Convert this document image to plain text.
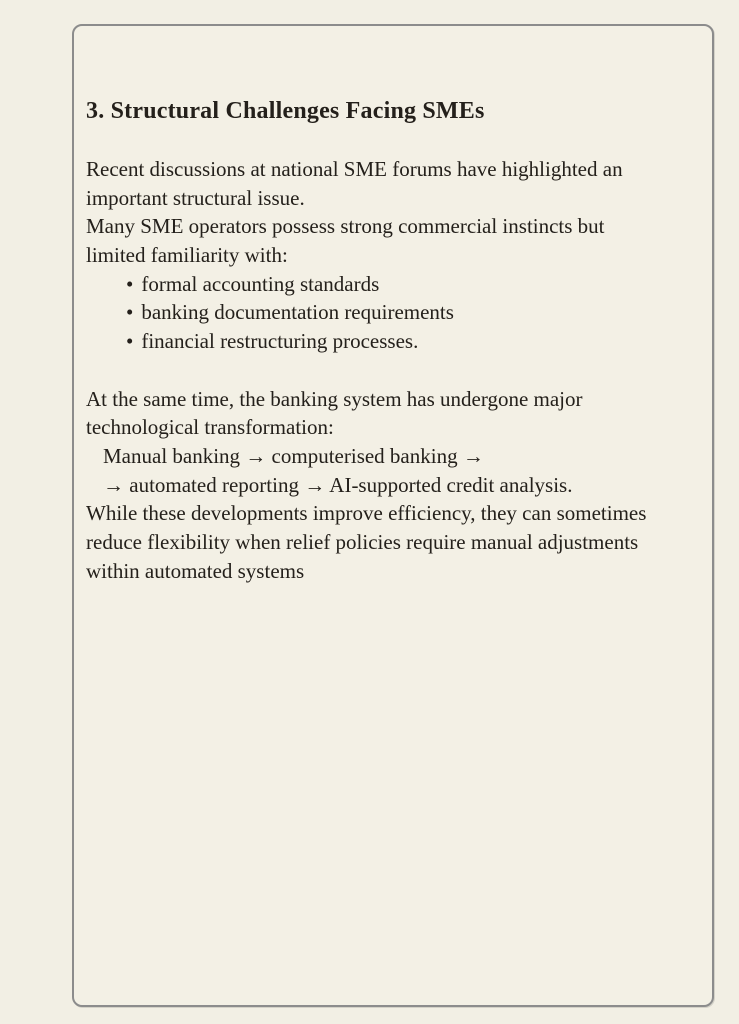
3. Structural Challenges Facing SMEs
Recent discussions at national SME forums have highlighted an
important structural issue.
Many SME operators possess strong commercial instincts but
limited familiarity with:
• formal accounting standards
• banking documentation requirements
• financial restructuring processes.
At the same time, the banking system has undergone major
technological transformation:
Manual banking → computerised banking →
→ automated reporting → AI-supported credit analysis.
While these developments improve efficiency, they can sometimes
reduce flexibility when relief policies require manual adjustments
within automated systems
